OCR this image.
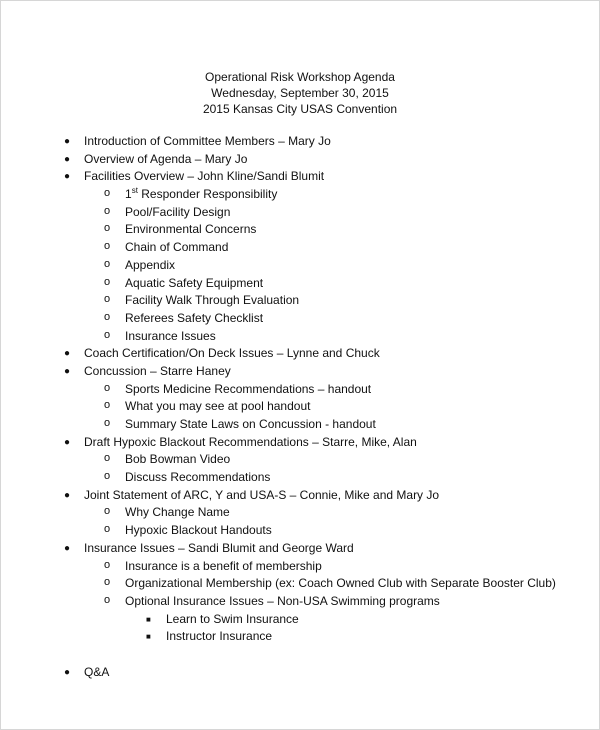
Operational Risk Workshop Agenda
Wednesday, September 30, 2015
2015 Kansas City USAS Convention
● Introduction of Committee Members – Mary Jo
● Overview of Agenda – Mary Jo
● Facilities Overview – John Kline/Sandi Blumit
o 1st Responder Responsibility
o Pool/Facility Design
o Environmental Concerns
o Chain of Command
o Appendix
o Aquatic Safety Equipment
o Facility Walk Through Evaluation
o Referees Safety Checklist
o Insurance Issues
● Coach Certification/On Deck Issues – Lynne and Chuck
● Concussion – Starre Haney
o Sports Medicine Recommendations – handout
o What you may see at pool handout
o Summary State Laws on Concussion - handout
● Draft Hypoxic Blackout Recommendations – Starre, Mike, Alan
o Bob Bowman Video
o Discuss Recommendations
● Joint Statement of ARC, Y and USA-S – Connie, Mike and Mary Jo
o Why Change Name
o Hypoxic Blackout Handouts
● Insurance Issues – Sandi Blumit and George Ward
o Insurance is a benefit of membership
o Organizational Membership (ex: Coach Owned Club with Separate Booster Club)
o Optional Insurance Issues – Non-USA Swimming programs
■ Learn to Swim Insurance
■ Instructor Insurance
● Q&A
